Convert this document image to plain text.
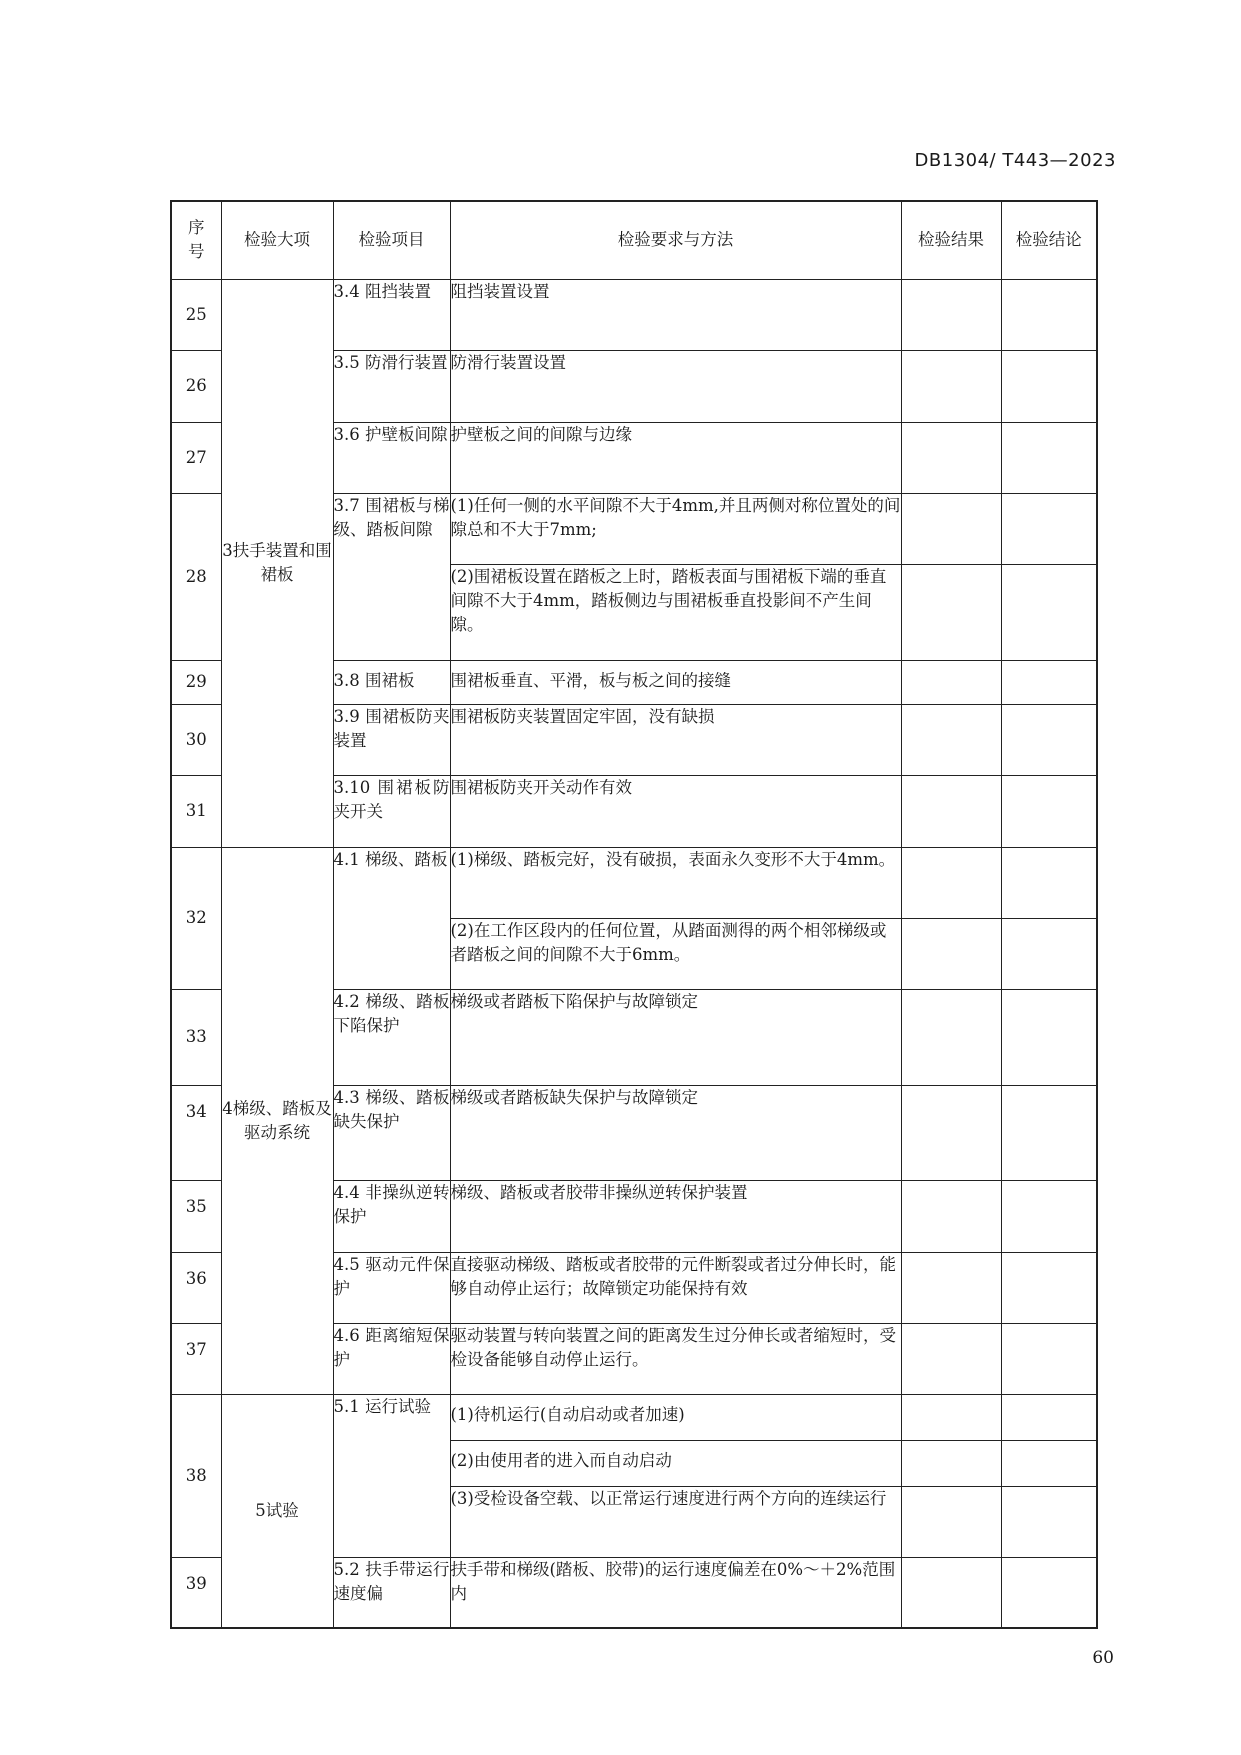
DB1304/ T443—2023
序号	检验大项	检验项目	检验要求与方法	检验结果	检验结论
25	3扶手装置和围裙板	3.4 阻挡装置	阻挡装置设置		
26		3.5 防滑行装置	防滑行装置设置		
27		3.6 护壁板间隙	护壁板之间的间隙与边缘		
28		3.7 围裙板与梯级、踏板间隙	(1)任何一侧的水平间隙不大于4mm,并且两侧对称位置处的间隙总和不大于7mm;		
			(2)围裙板设置在踏板之上时，踏板表面与围裙板下端的垂直间隙不大于4mm，踏板侧边与围裙板垂直投影间不产生间隙。		
29		3.8 围裙板	围裙板垂直、平滑，板与板之间的接缝		
30		3.9 围裙板防夹装置	围裙板防夹装置固定牢固，没有缺损		
31		3.10 围裙板防夹开关	围裙板防夹开关动作有效		
32	4梯级、踏板及驱动系统	4.1 梯级、踏板	(1)梯级、踏板完好，没有破损，表面永久变形不大于4mm。		
			(2)在工作区段内的任何位置，从踏面测得的两个相邻梯级或者踏板之间的间隙不大于6mm。		
33		4.2 梯级、踏板下陷保护	梯级或者踏板下陷保护与故障锁定		
34		4.3 梯级、踏板缺失保护	梯级或者踏板缺失保护与故障锁定		
35		4.4 非操纵逆转保护	梯级、踏板或者胶带非操纵逆转保护装置		
36		4.5 驱动元件保护	直接驱动梯级、踏板或者胶带的元件断裂或者过分伸长时，能够自动停止运行；故障锁定功能保持有效		
37		4.6 距离缩短保护	驱动装置与转向装置之间的距离发生过分伸长或者缩短时，受检设备能够自动停止运行。		
38	5试验	5.1 运行试验	(1)待机运行(自动启动或者加速)		
			(2)由使用者的进入而自动启动		
			(3)受检设备空载、以正常运行速度进行两个方向的连续运行		
39		5.2 扶手带运行速度偏	扶手带和梯级(踏板、胶带)的运行速度偏差在0%～＋2%范围内		
60
